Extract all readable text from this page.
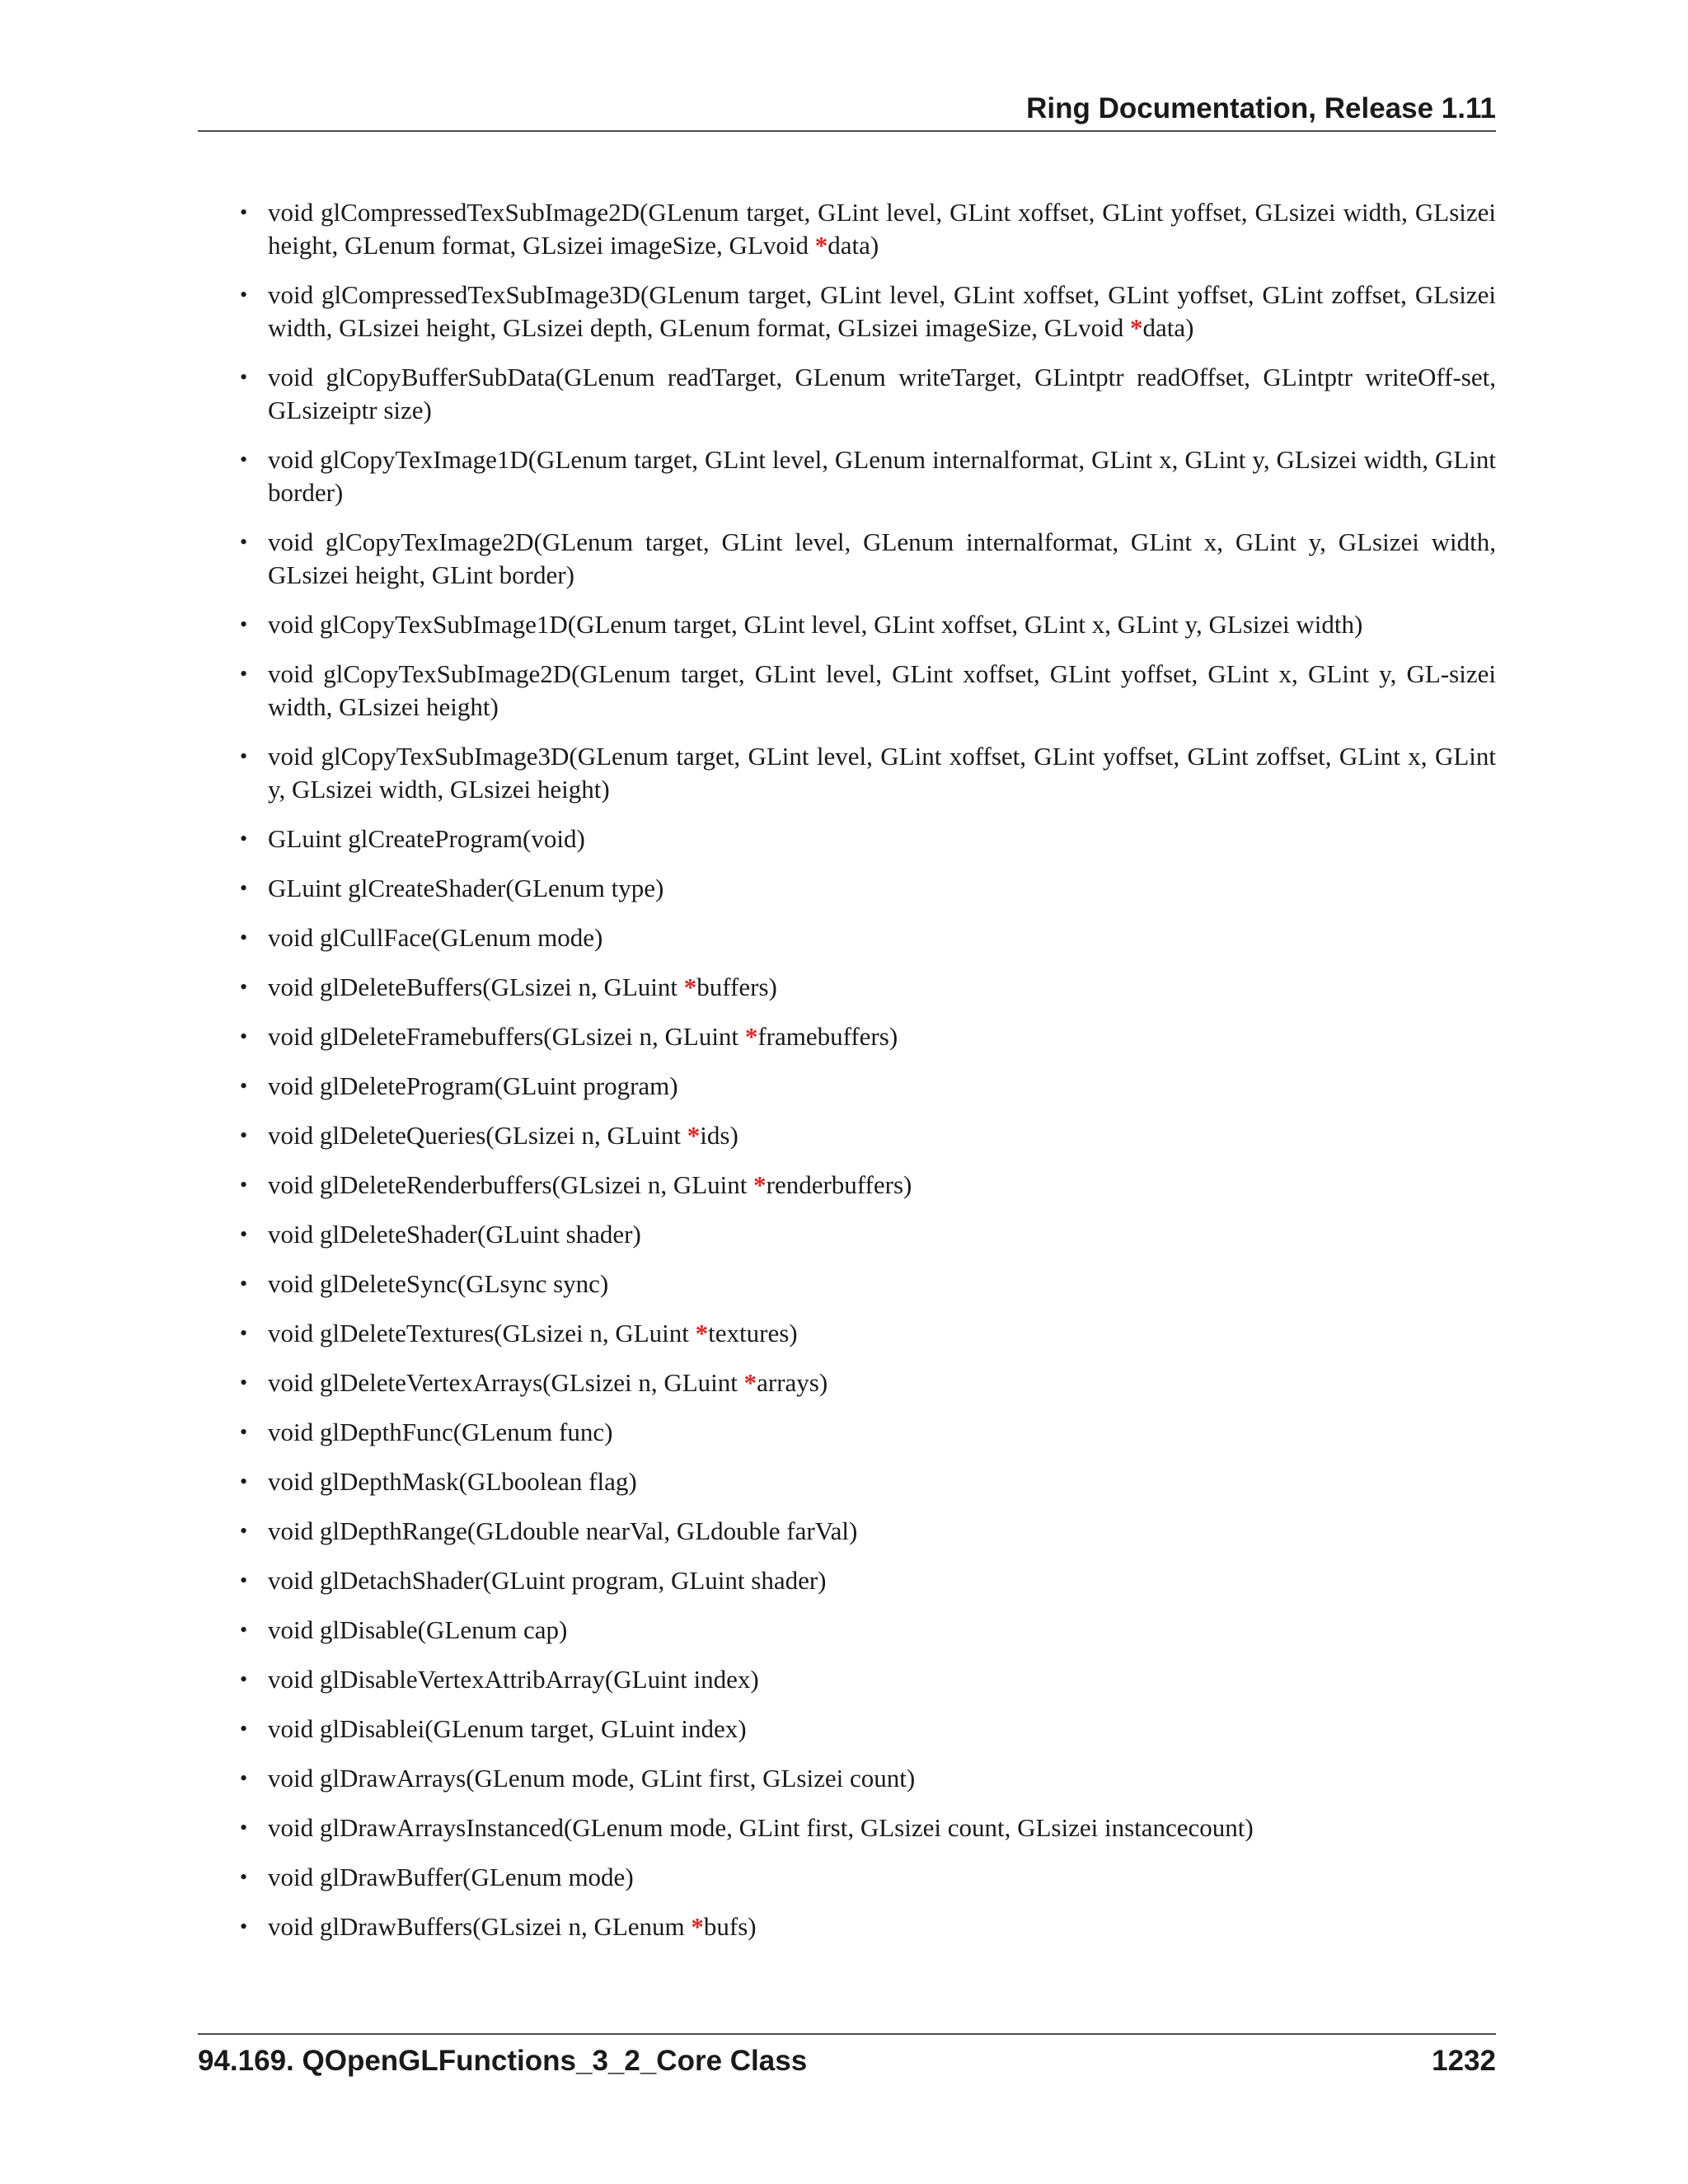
Ring Documentation, Release 1.11
• void glCompressedTexSubImage2D(GLenum target, GLint level, GLint xoffset, GLint yoffset, GLsizei width, GLsizei height, GLenum format, GLsizei imageSize, GLvoid *data)
• void glCompressedTexSubImage3D(GLenum target, GLint level, GLint xoffset, GLint yoffset, GLint zoffset, GLsizei width, GLsizei height, GLsizei depth, GLenum format, GLsizei imageSize, GLvoid *data)
• void glCopyBufferSubData(GLenum readTarget, GLenum writeTarget, GLintptr readOffset, GLintptr writeOff-set, GLsizeiptr size)
• void glCopyTexImage1D(GLenum target, GLint level, GLenum internalformat, GLint x, GLint y, GLsizei width, GLint border)
• void glCopyTexImage2D(GLenum target, GLint level, GLenum internalformat, GLint x, GLint y, GLsizei width, GLsizei height, GLint border)
• void glCopyTexSubImage1D(GLenum target, GLint level, GLint xoffset, GLint x, GLint y, GLsizei width)
• void glCopyTexSubImage2D(GLenum target, GLint level, GLint xoffset, GLint yoffset, GLint x, GLint y, GL-sizei width, GLsizei height)
• void glCopyTexSubImage3D(GLenum target, GLint level, GLint xoffset, GLint yoffset, GLint zoffset, GLint x, GLint y, GLsizei width, GLsizei height)
• GLuint glCreateProgram(void)
• GLuint glCreateShader(GLenum type)
• void glCullFace(GLenum mode)
• void glDeleteBuffers(GLsizei n, GLuint *buffers)
• void glDeleteFramebuffers(GLsizei n, GLuint *framebuffers)
• void glDeleteProgram(GLuint program)
• void glDeleteQueries(GLsizei n, GLuint *ids)
• void glDeleteRenderbuffers(GLsizei n, GLuint *renderbuffers)
• void glDeleteShader(GLuint shader)
• void glDeleteSync(GLsync sync)
• void glDeleteTextures(GLsizei n, GLuint *textures)
• void glDeleteVertexArrays(GLsizei n, GLuint *arrays)
• void glDepthFunc(GLenum func)
• void glDepthMask(GLboolean flag)
• void glDepthRange(GLdouble nearVal, GLdouble farVal)
• void glDetachShader(GLuint program, GLuint shader)
• void glDisable(GLenum cap)
• void glDisableVertexAttribArray(GLuint index)
• void glDisablei(GLenum target, GLuint index)
• void glDrawArrays(GLenum mode, GLint first, GLsizei count)
• void glDrawArraysInstanced(GLenum mode, GLint first, GLsizei count, GLsizei instancecount)
• void glDrawBuffer(GLenum mode)
• void glDrawBuffers(GLsizei n, GLenum *bufs)
94.169. QOpenGLFunctions_3_2_Core Class	1232
